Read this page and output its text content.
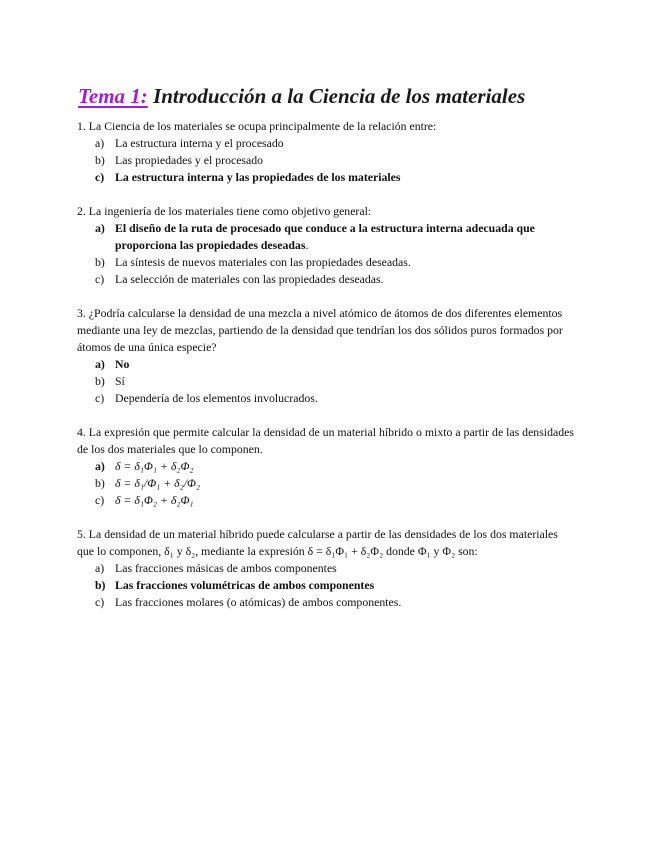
Tema 1: Introducción a la Ciencia de los materiales

1. La Ciencia de los materiales se ocupa principalmente de la relación entre:

a) La estructura interna y el procesado
b) Las propiedades y el procesado
c) La estructura interna y las propiedades de los materiales

2. La ingeniería de los materiales tiene como objetivo general:

a) El diseño de la ruta de procesado que conduce a la estructura interna adecuada que proporciona las propiedades deseadas.
b) La síntesis de nuevos materiales con las propiedades deseadas.
c) La selección de materiales con las propiedades deseadas.

3. ¿Podría calcularse la densidad de una mezcla a nivel atómico de átomos de dos diferentes elementos mediante una ley de mezclas, partiendo de la densidad que tendrían los dos sólidos puros formados por átomos de una única especie?

a) No
b) Sí
c) Dependería de los elementos involucrados.

4. La expresión que permite calcular la densidad de un material híbrido o mixto a partir de las densidades de los dos materiales que lo componen.

a) δ = δ₁Φ₁ + δ₂Φ₂
b) δ = δ₁/Φ₁ + δ₂/Φ₂
c) δ = δ₁Φ₂ + δ₂Φ₁

5. La densidad de un material híbrido puede calcularse a partir de las densidades de los dos materiales que lo componen, δ₁ y δ₂, mediante la expresión δ = δ₁Φ₁ + δ₂Φ₂ donde Φ₁ y Φ₂ son:

a) Las fracciones másicas de ambos componentes
b) Las fracciones volumétricas de ambos componentes
c) Las fracciones molares (o atómicas) de ambos componentes.
